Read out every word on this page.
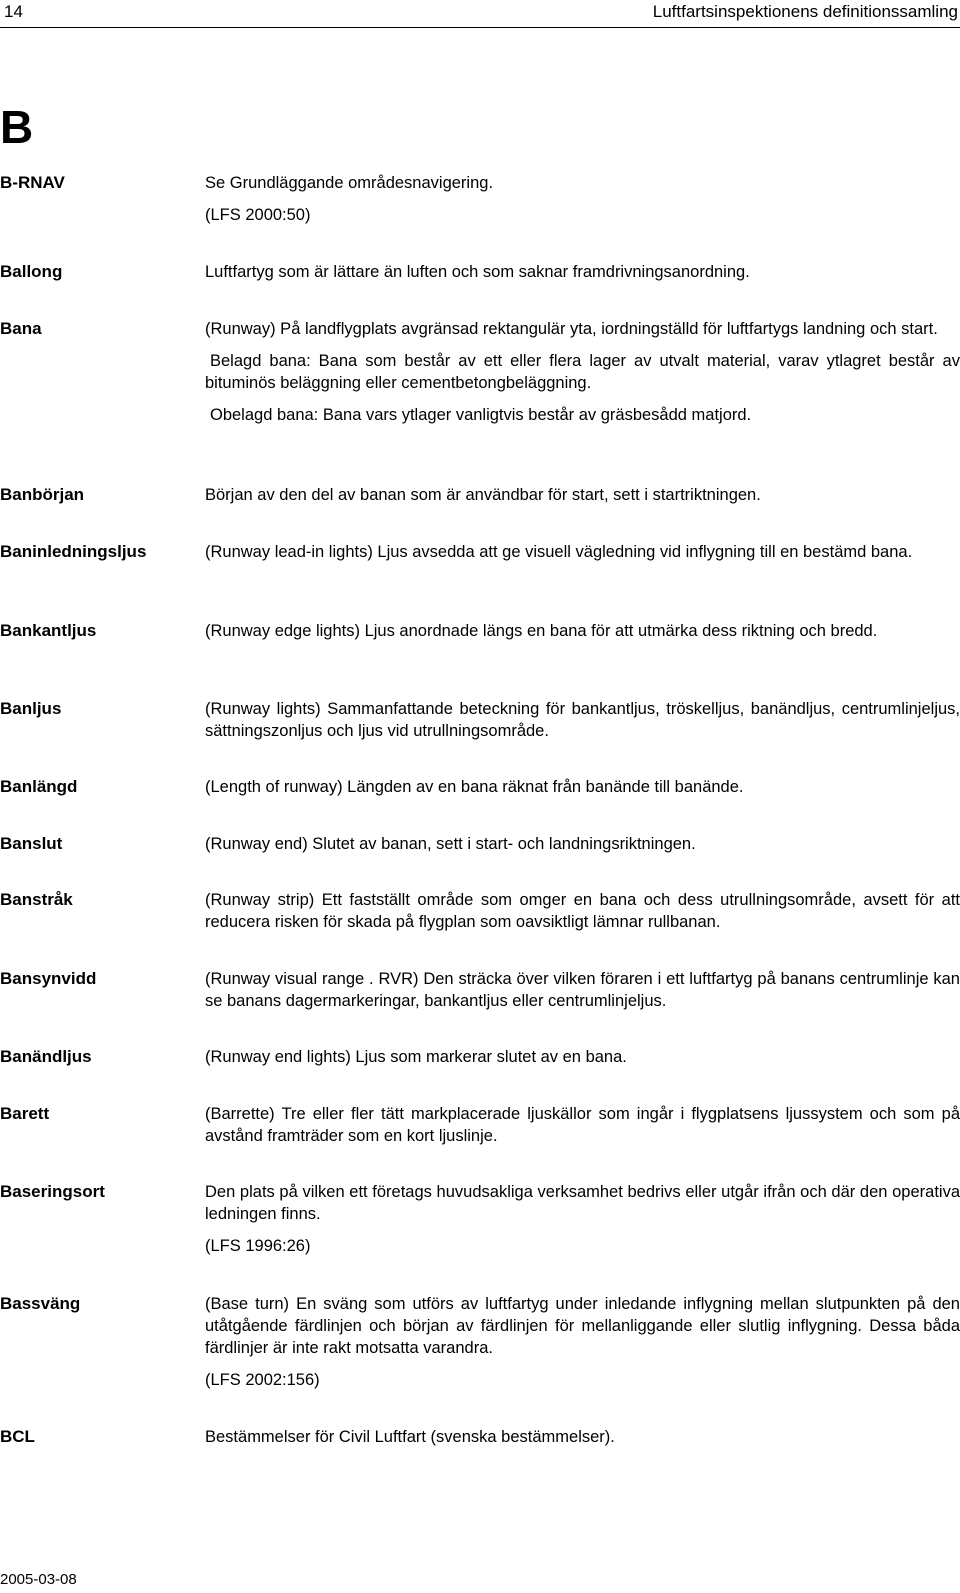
14	Luftfartsinspektionens definitionssamling
B
B-RNAV	Se Grundläggande områdesnavigering.

(LFS 2000:50)

Ballong	Luftfartyg som är lättare än luften och som saknar framdrivningsanordning.

Bana	(Runway) På landflygplats avgränsad rektangulär yta, iordningställd för luftfartygs landning och start.

Belagd bana: Bana som består av ett eller flera lager av utvalt material, varav ytlagret består av bituminös beläggning eller cementbetongbeläggning.

Obelagd bana: Bana vars ytlager vanligtvis består av gräsbesådd matjord.

Banbörjan	Början av den del av banan som är användbar för start, sett i startriktningen.

Baninledningsljus	(Runway lead-in lights) Ljus avsedda att ge visuell vägledning vid inflygning till en bestämd bana.

Bankantljus	(Runway edge lights) Ljus anordnade längs en bana för att utmärka dess riktning och bredd.

Banljus	(Runway lights) Sammanfattande beteckning för bankantljus, tröskelljus, banändljus, centrumlinjeljus, sättningszonljus och ljus vid utrullningsområde.

Banlängd	(Length of runway) Längden av en bana räknat från banände till banände.

Banslut	(Runway end) Slutet av banan, sett i start- och landningsriktningen.

Banstråk	(Runway strip) Ett fastställt område som omger en bana och dess utrullningsområde, avsett för att reducera risken för skada på flygplan som oavsiktligt lämnar rullbanan.

Bansynvidd	(Runway visual range . RVR) Den sträcka över vilken föraren i ett luftfartyg på banans centrumlinje kan se banans dagermarkeringar, bankantljus eller centrumlinjeljus.

Banändljus	(Runway end lights) Ljus som markerar slutet av en bana.

Barett	(Barrette) Tre eller fler tätt markplacerade ljuskällor som ingår i flygplatsens ljussystem och som på avstånd framträder som en kort ljuslinje.

Baseringsort	Den plats på vilken ett företags huvudsakliga verksamhet bedrivs eller utgår ifrån och där den operativa ledningen finns.

(LFS 1996:26)

Bassväng	(Base turn) En sväng som utförs av luftfartyg under inledande inflygning mellan slutpunkten på den utåtgående färdlinjen och början av färdlinjen för mellanliggande eller slutlig inflygning. Dessa båda färdlinjer är inte rakt motsatta varandra.

(LFS 2002:156)

BCL	Bestämmelser för Civil Luftfart (svenska bestämmelser).

2005-03-08
